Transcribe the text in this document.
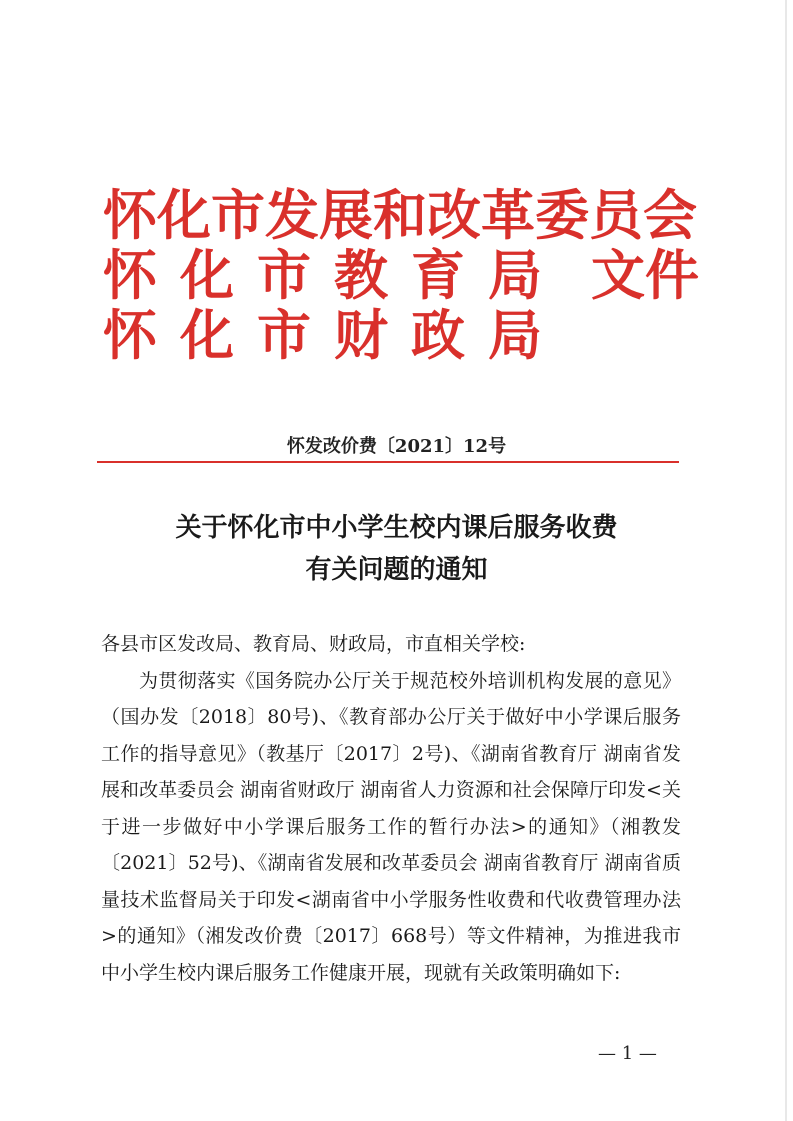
怀化市发展和改革委员会
怀化市教育局
怀化市财政局
文件
怀发改价费〔2021〕12号
关于怀化市中小学生校内课后服务收费
有关问题的通知

各县市区发改局、教育局、财政局，市直相关学校:

为贯彻落实《国务院办公厅关于规范校外培训机构发展的意见》（国办发〔2018〕80号)、《教育部办公厅关于做好中小学课后服务工作的指导意见》（教基厅〔2017〕2号)、《湖南省教育厅 湖南省发展和改革委员会 湖南省财政厅 湖南省人力资源和社会保障厅印发<关于进一步做好中小学课后服务工作的暂行办法>的通知》（湘教发〔2021〕52号)、《湖南省发展和改革委员会 湖南省教育厅 湖南省质量技术监督局关于印发<湖南省中小学服务性收费和代收费管理办法>的通知》（湘发改价费〔2017〕668号）等文件精神，为推进我市中小学生校内课后服务工作健康开展，现就有关政策明确如下:

— 1 —
